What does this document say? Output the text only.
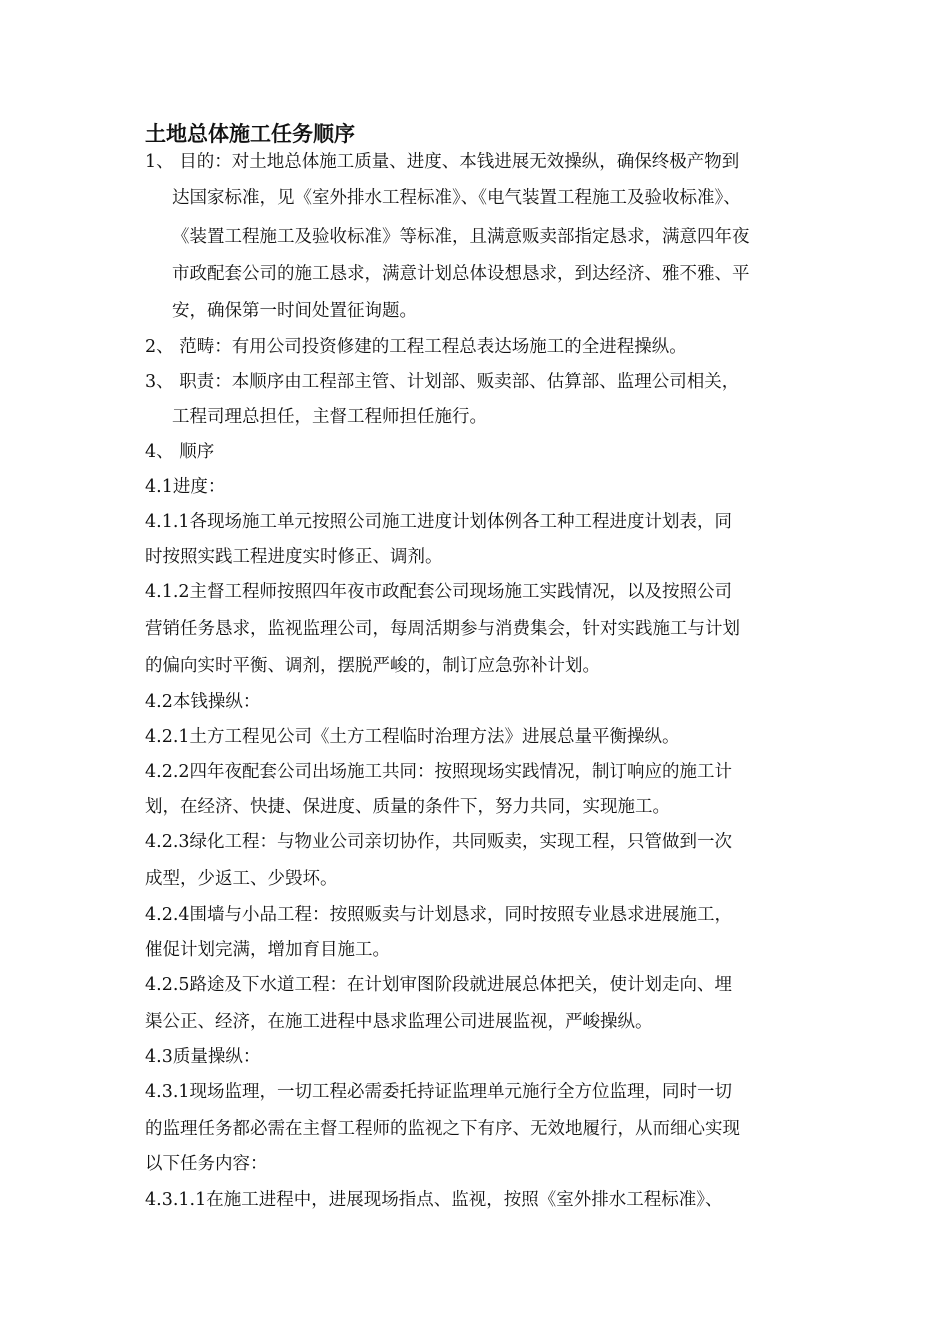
土地总体施工任务顺序

1、 目的：对土地总体施工质量、进度、本钱进展无效操纵，确保终极产物到

达国家标准，见《室外排水工程标准》、《电气装置工程施工及验收标准》、

《装置工程施工及验收标准》等标准，且满意贩卖部指定恳求，满意四年夜

市政配套公司的施工恳求，满意计划总体设想恳求，到达经济、雅不雅、平

安，确保第一时间处置征询题。

2、 范畴：有用公司投资修建的工程工程总表达场施工的全进程操纵。

3、 职责：本顺序由工程部主管、计划部、贩卖部、估算部、监理公司相关，

工程司理总担任，主督工程师担任施行。

4、 顺序

4.1进度：

4.1.1各现场施工单元按照公司施工进度计划体例各工种工程进度计划表，同

时按照实践工程进度实时修正、调剂。

4.1.2主督工程师按照四年夜市政配套公司现场施工实践情况，以及按照公司

营销任务恳求，监视监理公司，每周活期参与消费集会，针对实践施工与计划

的偏向实时平衡、调剂，摆脱严峻的，制订应急弥补计划。

4.2本钱操纵：

4.2.1土方工程见公司《土方工程临时治理方法》进展总量平衡操纵。

4.2.2四年夜配套公司出场施工共同：按照现场实践情况，制订响应的施工计

划，在经济、快捷、保进度、质量的条件下，努力共同，实现施工。

4.2.3绿化工程：与物业公司亲切协作，共同贩卖，实现工程，只管做到一次

成型，少返工、少毁坏。

4.2.4围墙与小品工程：按照贩卖与计划恳求，同时按照专业恳求进展施工，

催促计划完满，增加育目施工。

4.2.5路途及下水道工程：在计划审图阶段就进展总体把关，使计划走向、埋

渠公正、经济，在施工进程中恳求监理公司进展监视，严峻操纵。

4.3质量操纵：

4.3.1现场监理，一切工程必需委托持证监理单元施行全方位监理，同时一切

的监理任务都必需在主督工程师的监视之下有序、无效地履行，从而细心实现

以下任务内容：

4.3.1.1在施工进程中，进展现场指点、监视，按照《室外排水工程标准》、
